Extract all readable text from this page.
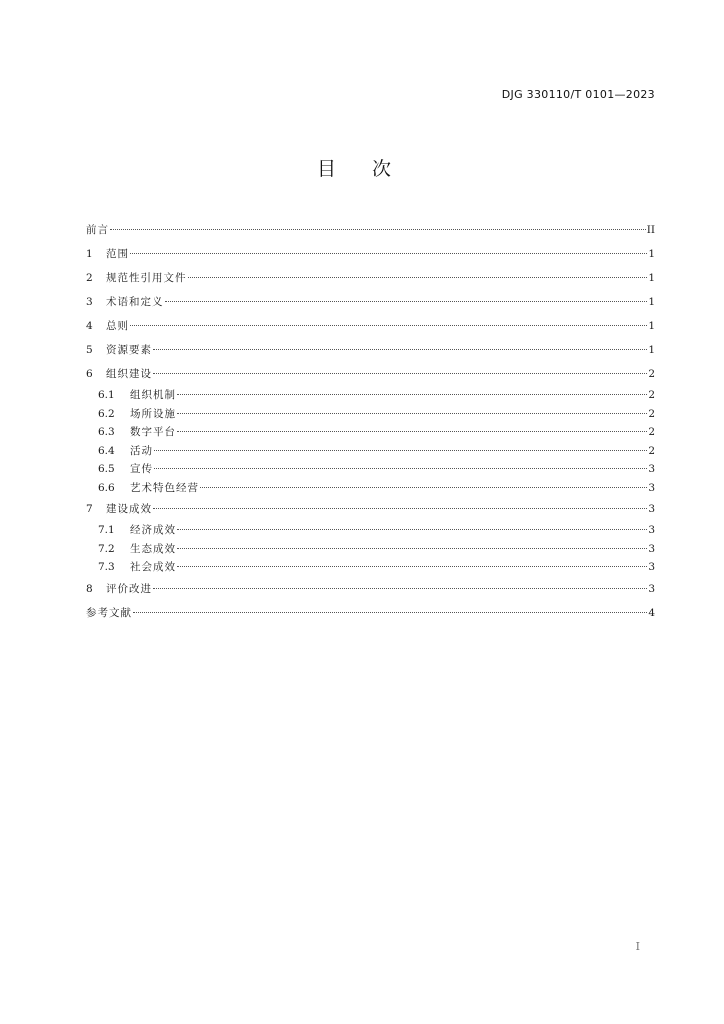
DJG 330110/T 0101—2023
目次
前言	II
1	范围	1
2	规范性引用文件	1
3	术语和定义	1
4	总则	1
5	资源要素	1
6	组织建设	2
6.1	组织机制	2
6.2	场所设施	2
6.3	数字平台	2
6.4	活动	2
6.5	宣传	3
6.6	艺术特色经营	3
7	建设成效	3
7.1	经济成效	3
7.2	生态成效	3
7.3	社会成效	3
8	评价改进	3
参考文献	4
I
